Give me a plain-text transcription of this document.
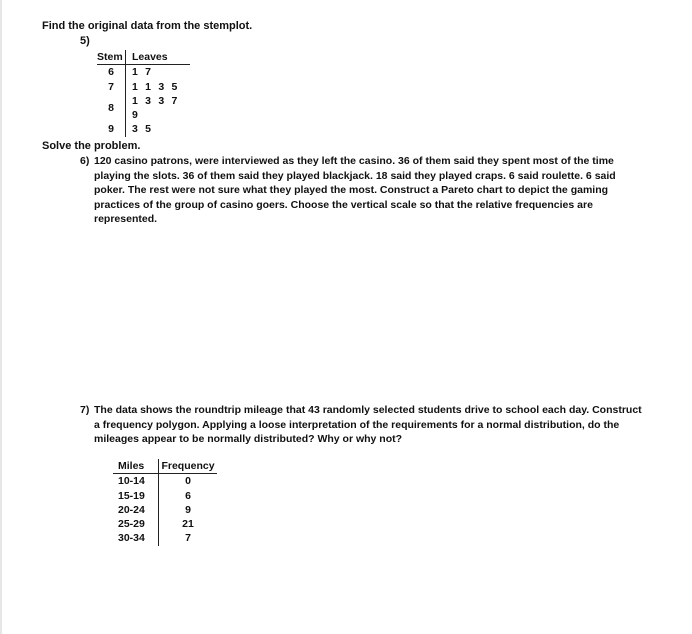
Find the original data from the stemplot.
5)
Stem	Leaves
6	1 7
7	1 1 3 5
8	1 3 3 7 9
9	3 5
Solve the problem.
6) 120 casino patrons, were interviewed as they left the casino. 36 of them said they spent most of the time playing the slots. 36 of them said they played blackjack. 18 said they played craps. 6 said roulette. 6 said poker. The rest were not sure what they played the most. Construct a Pareto chart to depict the gaming practices of the group of casino goers. Choose the vertical scale so that the relative frequencies are represented.
7) The data shows the roundtrip mileage that 43 randomly selected students drive to school each day. Construct a frequency polygon. Applying a loose interpretation of the requirements for a normal distribution, do the mileages appear to be normally distributed? Why or why not?
Miles	Frequency
10-14	0
15-19	6
20-24	9
25-29	21
30-34	7
